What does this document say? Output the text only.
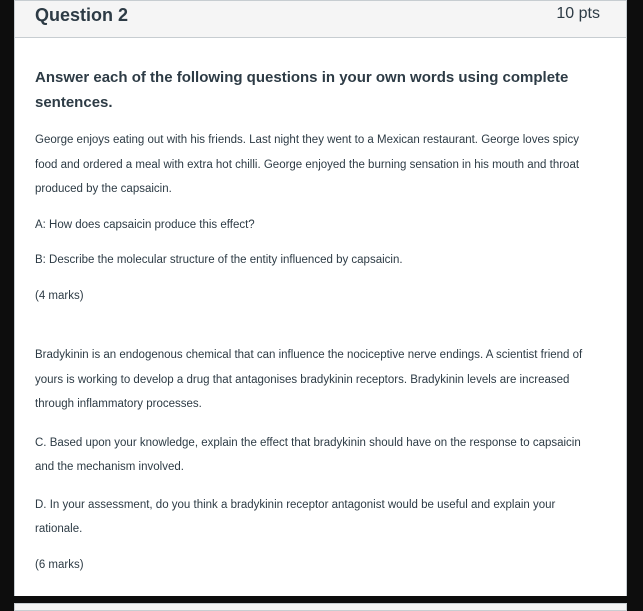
Question 2	10 pts

Answer each of the following questions in your own words using complete sentences.

George enjoys eating out with his friends. Last night they went to a Mexican restaurant. George loves spicy food and ordered a meal with extra hot chilli. George enjoyed the burning sensation in his mouth and throat produced by the capsaicin.

A: How does capsaicin produce this effect?

B: Describe the molecular structure of the entity influenced by capsaicin.

(4 marks)

Bradykinin is an endogenous chemical that can influence the nociceptive nerve endings. A scientist friend of yours is working to develop a drug that antagonises bradykinin receptors. Bradykinin levels are increased through inflammatory processes.

C. Based upon your knowledge, explain the effect that bradykinin should have on the response to capsaicin and the mechanism involved.

D. In your assessment, do you think a bradykinin receptor antagonist would be useful and explain your rationale.

(6 marks)
